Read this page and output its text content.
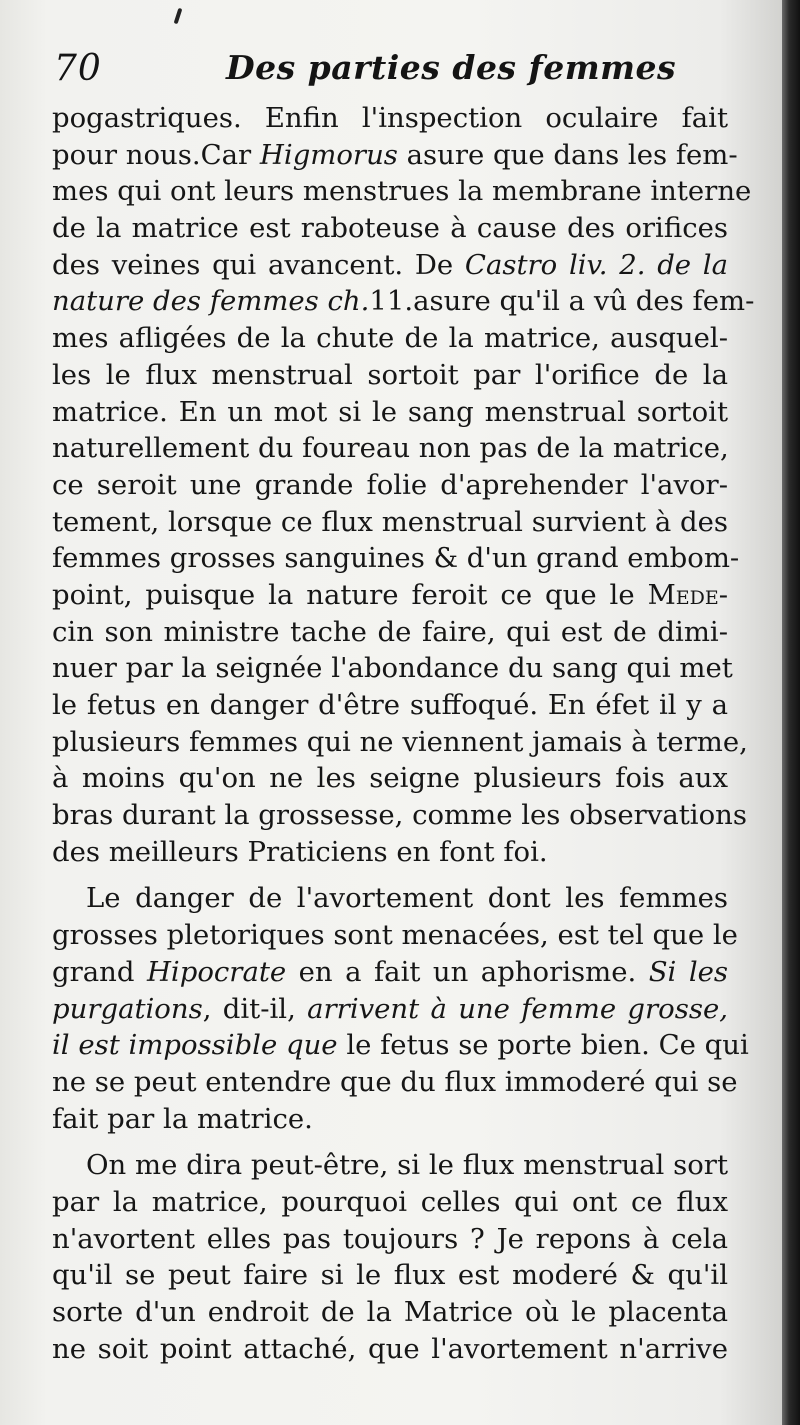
70	Des parties des femmes
pogastriques. Enfin l'inspection oculaire fait
pour nous.Car Higmorus asure que dans les fem-
mes qui ont leurs menstrues la membrane interne
de la matrice est raboteuse à cause des orifices
des veines qui avancent. De Castro liv. 2. de la
nature des femmes ch.11.asure qu'il a vû des fem-
mes afligées de la chute de la matrice, ausquel-
les le flux menstrual sortoit par l'orifice de la
matrice. En un mot si le sang menstrual sortoit
naturellement du foureau non pas de la matrice,
ce seroit une grande folie d'aprehender l'avor-
tement, lorsque ce flux menstrual survient à des
femmes grosses sanguines & d'un grand embom-
point, puisque la nature feroit ce que le Mede-
cin son ministre tache de faire, qui est de dimi-
nuer par la seignée l'abondance du sang qui met
le fetus en danger d'être suffoqué. En éfet il y a
plusieurs femmes qui ne viennent jamais à terme,
à moins qu'on ne les seigne plusieurs fois aux
bras durant la grossesse, comme les observations
des meilleurs Praticiens en font foi.
Le danger de l'avortement dont les femmes
grosses pletoriques sont menacées, est tel que le
grand Hipocrate en a fait un aphorisme. Si les
purgations, dit-il, arrivent à une femme grosse,
il est impossible que le fetus se porte bien. Ce qui
ne se peut entendre que du flux immoderé qui se
fait par la matrice.
On me dira peut-être, si le flux menstrual sort
par la matrice, pourquoi celles qui ont ce flux
n'avortent elles pas toujours ? Je repons à cela
qu'il se peut faire si le flux est moderé & qu'il
sorte d'un endroit de la Matrice où le placenta
ne soit point attaché, que l'avortement n'arrive
